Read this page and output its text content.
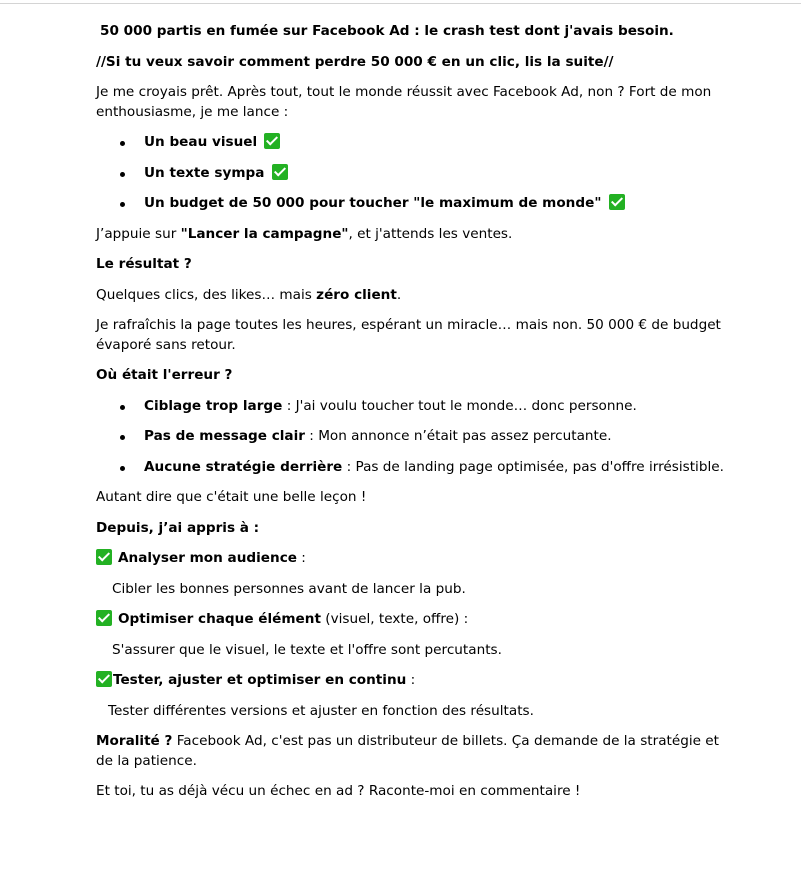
50 000 partis en fumée sur Facebook Ad : le crash test dont j'avais besoin.

//Si tu veux savoir comment perdre 50 000 € en un clic, lis la suite//

Je me croyais prêt. Après tout, tout le monde réussit avec Facebook Ad, non ? Fort de mon enthousiasme, je me lance :

Un beau visuel
Un texte sympa
Un budget de 50 000 pour toucher "le maximum de monde"

J’appuie sur "Lancer la campagne", et j'attends les ventes.

Le résultat ?

Quelques clics, des likes… mais zéro client.

Je rafraîchis la page toutes les heures, espérant un miracle… mais non. 50 000 € de budget évaporé sans retour.

Où était l'erreur ?

Ciblage trop large : J'ai voulu toucher tout le monde… donc personne.
Pas de message clair : Mon annonce n’était pas assez percutante.
Aucune stratégie derrière : Pas de landing page optimisée, pas d'offre irrésistible.

Autant dire que c'était une belle leçon !

Depuis, j’ai appris à :

Analyser mon audience :

Cibler les bonnes personnes avant de lancer la pub.

Optimiser chaque élément (visuel, texte, offre) :

S'assurer que le visuel, le texte et l'offre sont percutants.

Tester, ajuster et optimiser en continu :

Tester différentes versions et ajuster en fonction des résultats.

Moralité ? Facebook Ad, c'est pas un distributeur de billets. Ça demande de la stratégie et de la patience.

Et toi, tu as déjà vécu un échec en ad ? Raconte-moi en commentaire !
